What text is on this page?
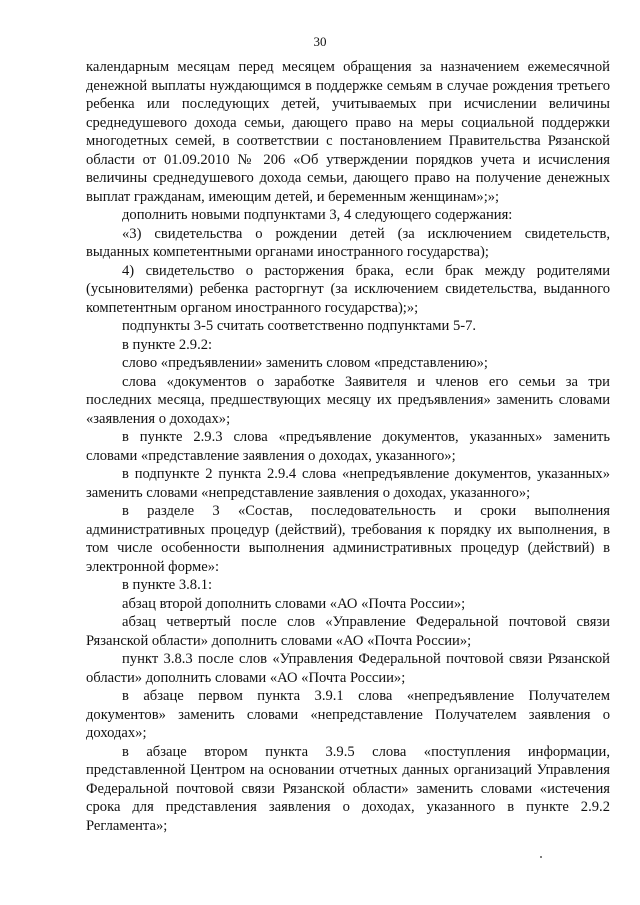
30

календарным месяцам перед месяцем обращения за назначением ежемесячной денежной выплаты нуждающимся в поддержке семьям в случае рождения третьего ребенка или последующих детей, учитываемых при исчислении величины среднедушевого дохода семьи, дающего право на меры социальной поддержки многодетных семей, в соответствии с постановлением Правительства Рязанской области от 01.09.2010 № 206 «Об утверждении порядков учета и исчисления величины среднедушевого дохода семьи, дающего право на получение денежных выплат гражданам, имеющим детей, и беременным женщинам»;»;

дополнить новыми подпунктами 3, 4 следующего содержания:

«3) свидетельства о рождении детей (за исключением свидетельств, выданных компетентными органами иностранного государства);

4) свидетельство о расторжения брака, если брак между родителями (усыновителями) ребенка расторгнут (за исключением свидетельства, выданного компетентным органом иностранного государства);»;

подпункты 3-5 считать соответственно подпунктами 5-7.

в пункте 2.9.2:

слово «предъявлении» заменить словом «представлению»;

слова «документов о заработке Заявителя и членов его семьи за три последних месяца, предшествующих месяцу их предъявления» заменить словами «заявления о доходах»;

в пункте 2.9.3 слова «предъявление документов, указанных» заменить словами «представление заявления о доходах, указанного»;

в подпункте 2 пункта 2.9.4 слова «непредъявление документов, указанных» заменить словами «непредставление заявления о доходах, указанного»;

в разделе 3 «Состав, последовательность и сроки выполнения административных процедур (действий), требования к порядку их выполнения, в том числе особенности выполнения административных процедур (действий) в электронной форме»:

в пункте 3.8.1:

абзац второй дополнить словами «АО «Почта России»;

абзац четвертый после слов «Управление Федеральной почтовой связи Рязанской области» дополнить словами «АО «Почта России»;

пункт 3.8.3 после слов «Управления Федеральной почтовой связи Рязанской области» дополнить словами «АО «Почта России»;

в абзаце первом пункта 3.9.1 слова «непредъявление Получателем документов» заменить словами «непредставление Получателем заявления о доходах»;

в абзаце втором пункта 3.9.5 слова «поступления информации, представленной Центром на основании отчетных данных организаций Управления Федеральной почтовой связи Рязанской области» заменить словами «истечения срока для представления заявления о доходах, указанного в пункте 2.9.2 Регламента»;
